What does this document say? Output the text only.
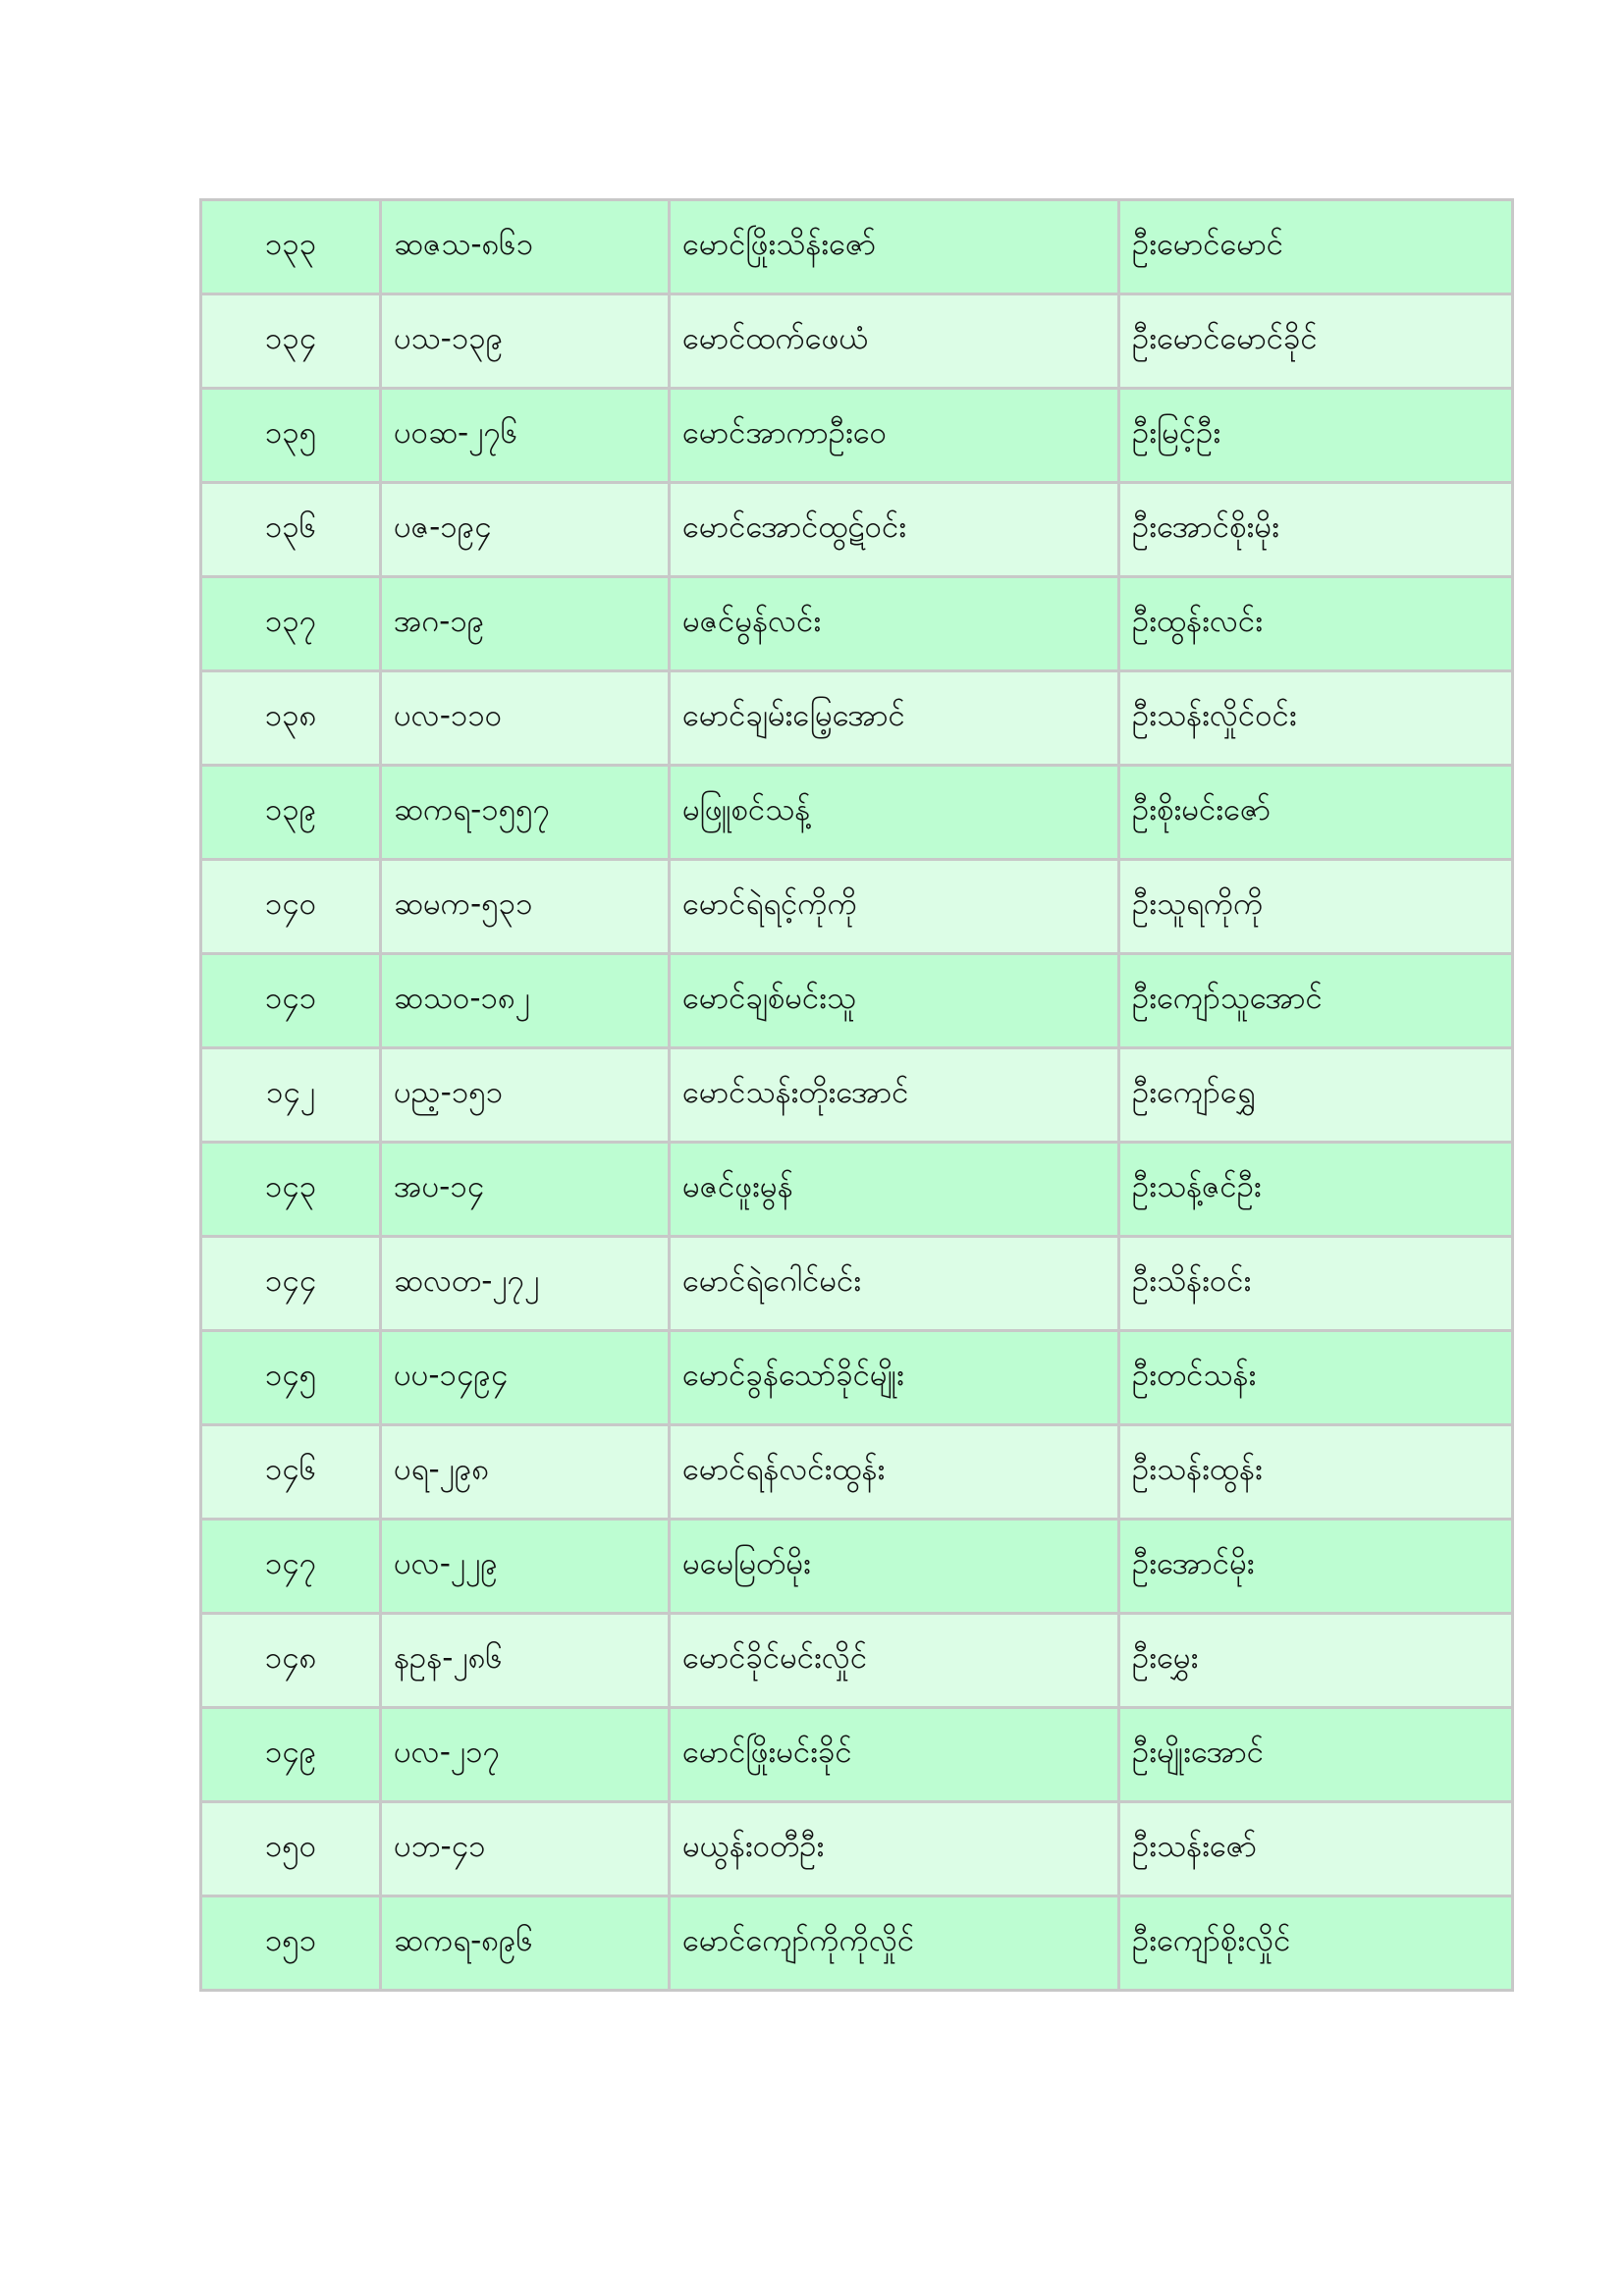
၁၃၃	ဆဇသ-၈၆၁	မောင်ဖြိုးသိန်းဇော်	ဦးမောင်မောင်
၁၃၄	ပသ-၁၃၉	မောင်ထက်ဖေယံ	ဦးမောင်မောင်ခိုင်
၁၃၅	ပဝဆ-၂၇၆	မောင်အာကာဦးဝေ	ဦးမြင့်ဦး
၁၃၆	ပဇ-၁၉၄	မောင်အောင်ထွဋ်ဝင်း	ဦးအောင်စိုးမိုး
၁၃၇	အဂ-၁၉	မဇင်မွန်လင်း	ဦးထွန်းလင်း
၁၃၈	ပလ-၁၁၀	မောင်ချမ်းမြေ့အောင်	ဦးသန်းလှိုင်ဝင်း
၁၃၉	ဆကရ-၁၅၅၇	မဖြူစင်သန့်	ဦးစိုးမင်းဇော်
၁၄၀	ဆမက-၅၃၁	မောင်ရဲရင့်ကိုကို	ဦးသူရကိုကို
၁၄၁	ဆသဝ-၁၈၂	မောင်ချစ်မင်းသူ	ဦးကျော်သူအောင်
၁၄၂	ပည့-၁၅၁	မောင်သန်းတိုးအောင်	ဦးကျော်ရွှေ
၁၄၃	အပ-၁၄	မဇင်ဖူးမွန်	ဦးသန့်ဇင်ဦး
၁၄၄	ဆလတ-၂၇၂	မောင်ရဲဂေါင်မင်း	ဦးသိန်းဝင်း
၁၄၅	ပပ-၁၄၉၄	မောင်ခွန်သော်ခိုင်မျိုး	ဦးတင်သန်း
၁၄၆	ပရ-၂၉၈	မောင်ရန်လင်းထွန်း	ဦးသန်းထွန်း
၁၄၇	ပလ-၂၂၉	မမေမြတ်မိုး	ဦးအောင်မိုး
၁၄၈	နဥန-၂၈၆	မောင်ခိုင်မင်းလှိုင်	ဦးမွှေး
၁၄၉	ပလ-၂၁၇	မောင်ဖြိုးမင်းခိုင်	ဦးမျိုးအောင်
၁၅၀	ပဘ-၄၁	မယွန်းဝတီဦး	ဦးသန်းဇော်
၁၅၁	ဆကရ-၈၉၆	မောင်ကျော်ကိုကိုလှိုင်	ဦးကျော်စိုးလှိုင်
